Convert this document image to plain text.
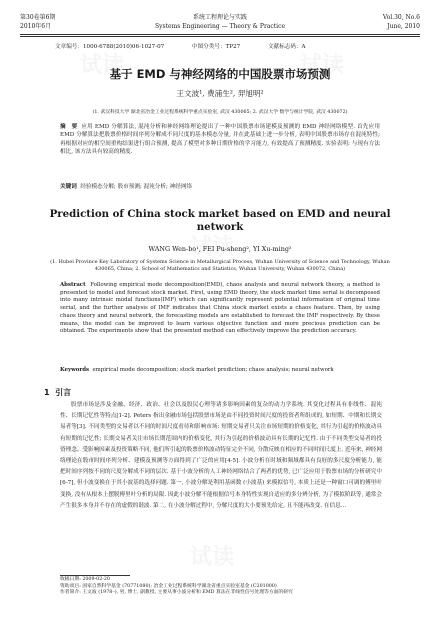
第30卷第6期	系统工程理论与实践	Vol.30, No.6
2010年6月	Systems Engineering — Theory & Practice	June, 2010
文章编号：1000-6788(2010)06-1027-07	中图分类号：TP27	文献标志码：A
基于 EMD 与神经网络的中国股票市场预测
王文波¹, 费浦生², 羿旭明²
(1. 武汉科技大学 湖北省冶金工业过程系统科学重点实验室, 武汉 430065; 2. 武汉大学 数学与统计学院, 武汉 430072)
摘　要 应用 EMD 分解算法, 混沌分析和神经网络理论提出了一种中国股票市场建模及预测的 EMD 神经网络模型. 首先应用 EMD 分解算法把股票价格时间序列分解成不同尺度的基本模态分量, 并在此基础上进一步分析, 表明中国股票市场存在混沌特性; 再根据对应的相空间重构结果进行组合预测, 提高了模型对多种日期价格的学习能力, 有效提高了预测精度. 实验表明: 与现有方法相比, 该方法具有较高的精度.
关键词 经验模态分解; 股市预测; 混沌分析; 神经网络
Prediction of China stock market based on EMD and neural network
WANG Wen-bo¹, FEI Pu-sheng², YI Xu-ming²
(1. Hubei Province Key Laboratory of Systems Science in Metallurgical Process, Wuhan University of Science and Technology, Wuhan 430065, China; 2. School of Mathematics and Statistics, Wuhan University, Wuhan 430072, China)
Abstract Following empirical mode decomposition(EMD), chaos analysis and neural network theory, a method is presented to model and forecast stock market. First, using EMD theory, the stock market time serial is decomposed into many intrinsic modal functions(IMF) which can significantly represent potential information of original time serial, and the further analysis of IMF indicates that China stock market exists a chaos feature. Then, by using chaos theory and neural network, the forecasting models are established to forecast the IMF respectively. By these means, the model can be improved to learn various objective function and more precious prediction can be obtained. The experiments show that the presented method can effectively improve the prediction accuracy.
Keywords empirical mode decomposition; stock market prediction; chaos analysis; neural network
1 引言
股票市场是涉及金融、经济、政治、社会以及股民心理等诸多影响因素的复杂的动力学系统. 其变化过程具有非线性、混沌性、长期记忆性等特点[1-2]. Peters 指出金融市场包括股票市场是由不同投资时间尺度的投资者所组成的, 如短期、中期和长期交易者等[3]. 不同类型的交易者以不同的时间尺度看待和影响市场: 短期交易者只关注市场短期的价格变化, 其行为引起的价格波动具有短期的记忆性; 长期交易者关注市场长期范围内的价格变化, 其行为引起的价格波动具有长期的记忆性. 由于不同类型交易者的投资理念、受影响因素及投资策略不同, 他们所引起的股票价格波动特征完全不同, 分散反映在相应的不同时间尺度上. 近年来, 神经网络理论在股市时间序列分析、建模及预测等方面得到了广泛的应用[4-5]. 小波分析在时域和频域都具有良好的多尺度分析能力, 能把时间序列按不同的尺度分解成不同的层次. 基于小波分析的人工神经网络结合了两者的优势, 已广泛应用于股票市场的分析研究中[6-7], 但小波变换在于其小波基的选择问题. 第一, 小波分解是利用基函数 (小波基) 来模拟信号, 本质上还是一种窗口可调的傅里叶变换, 没有从根本上摆脱傅里叶分析的局限. 因此小波分解不能根据信号本身特性实现自适应的多分辨分析, 为了模拟阶跃等, 通常会产生很多本身并不存在的虚假的谐波. 第二, 在小波分解过程中, 分解尺度的大小要预先给定, 且不能再改变. 在信息…
收稿日期: 2009-02-20
资助项目: 国家自然科学基金 (70771080); 冶金工业过程系统科学湖北省重点实验室基金 (C201000)
作者简介: 王文波 (1978–), 男, 博士, 副教授, 主要从事小波分析和 EMD 算法在非线性信号处理等方面的研究
